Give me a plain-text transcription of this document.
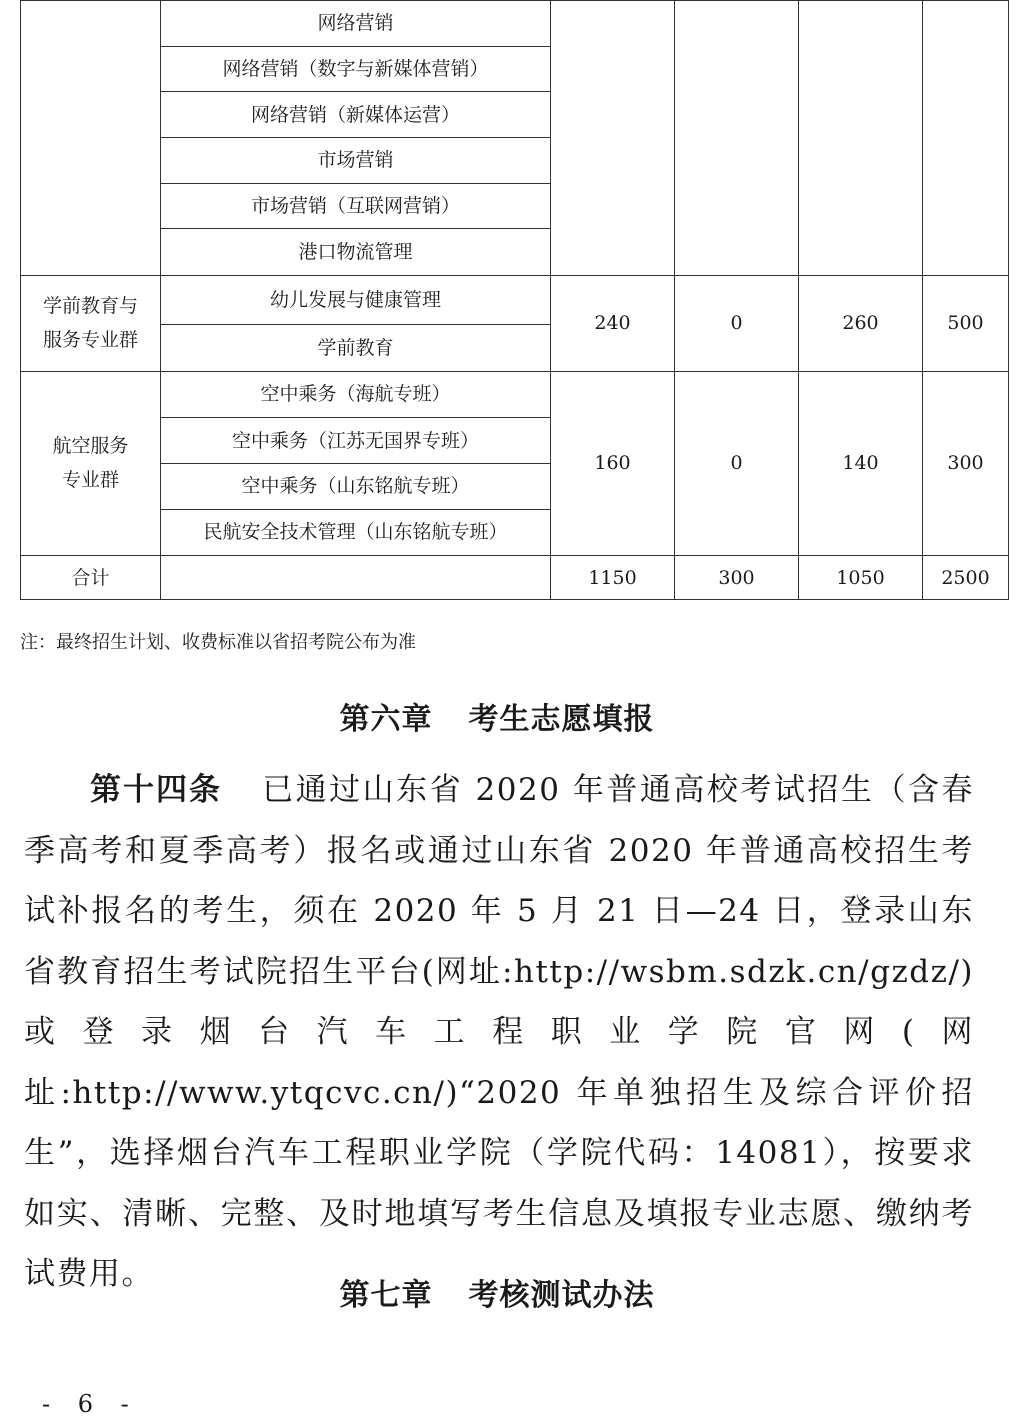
	网络营销				
	网络营销（数字与新媒体营销）				
	网络营销（新媒体运营）				
	市场营销				
	市场营销（互联网营销）				
	港口物流管理				
学前教育与服务专业群	幼儿发展与健康管理	240	0	260	500
	学前教育				
航空服务专业群	空中乘务（海航专班）	160	0	140	300
	空中乘务（江苏无国界专班）				
	空中乘务（山东铭航专班）				
	民航安全技术管理（山东铭航专班）				
合计		1150	300	1050	2500
注：最终招生计划、收费标准以省招考院公布为准
第六章 考生志愿填报

第十四条 已通过山东省 2020 年普通高校考试招生（含春季高考和夏季高考）报名或通过山东省 2020 年普通高校招生考试补报名的考生，须在 2020 年 5 月 21 日—24 日，登录山东省教育招生考试院招生平台(网址:http://wsbm.sdzk.cn/gzdz/)或登录烟台汽车工程职业学院官网(网址:http://www.ytqcvc.cn/)“2020 年单独招生及综合评价招生”，选择烟台汽车工程职业学院（学院代码：14081），按要求如实、清晰、完整、及时地填写考生信息及填报专业志愿、缴纳考试费用。

第七章 考核测试办法
- 6 -
